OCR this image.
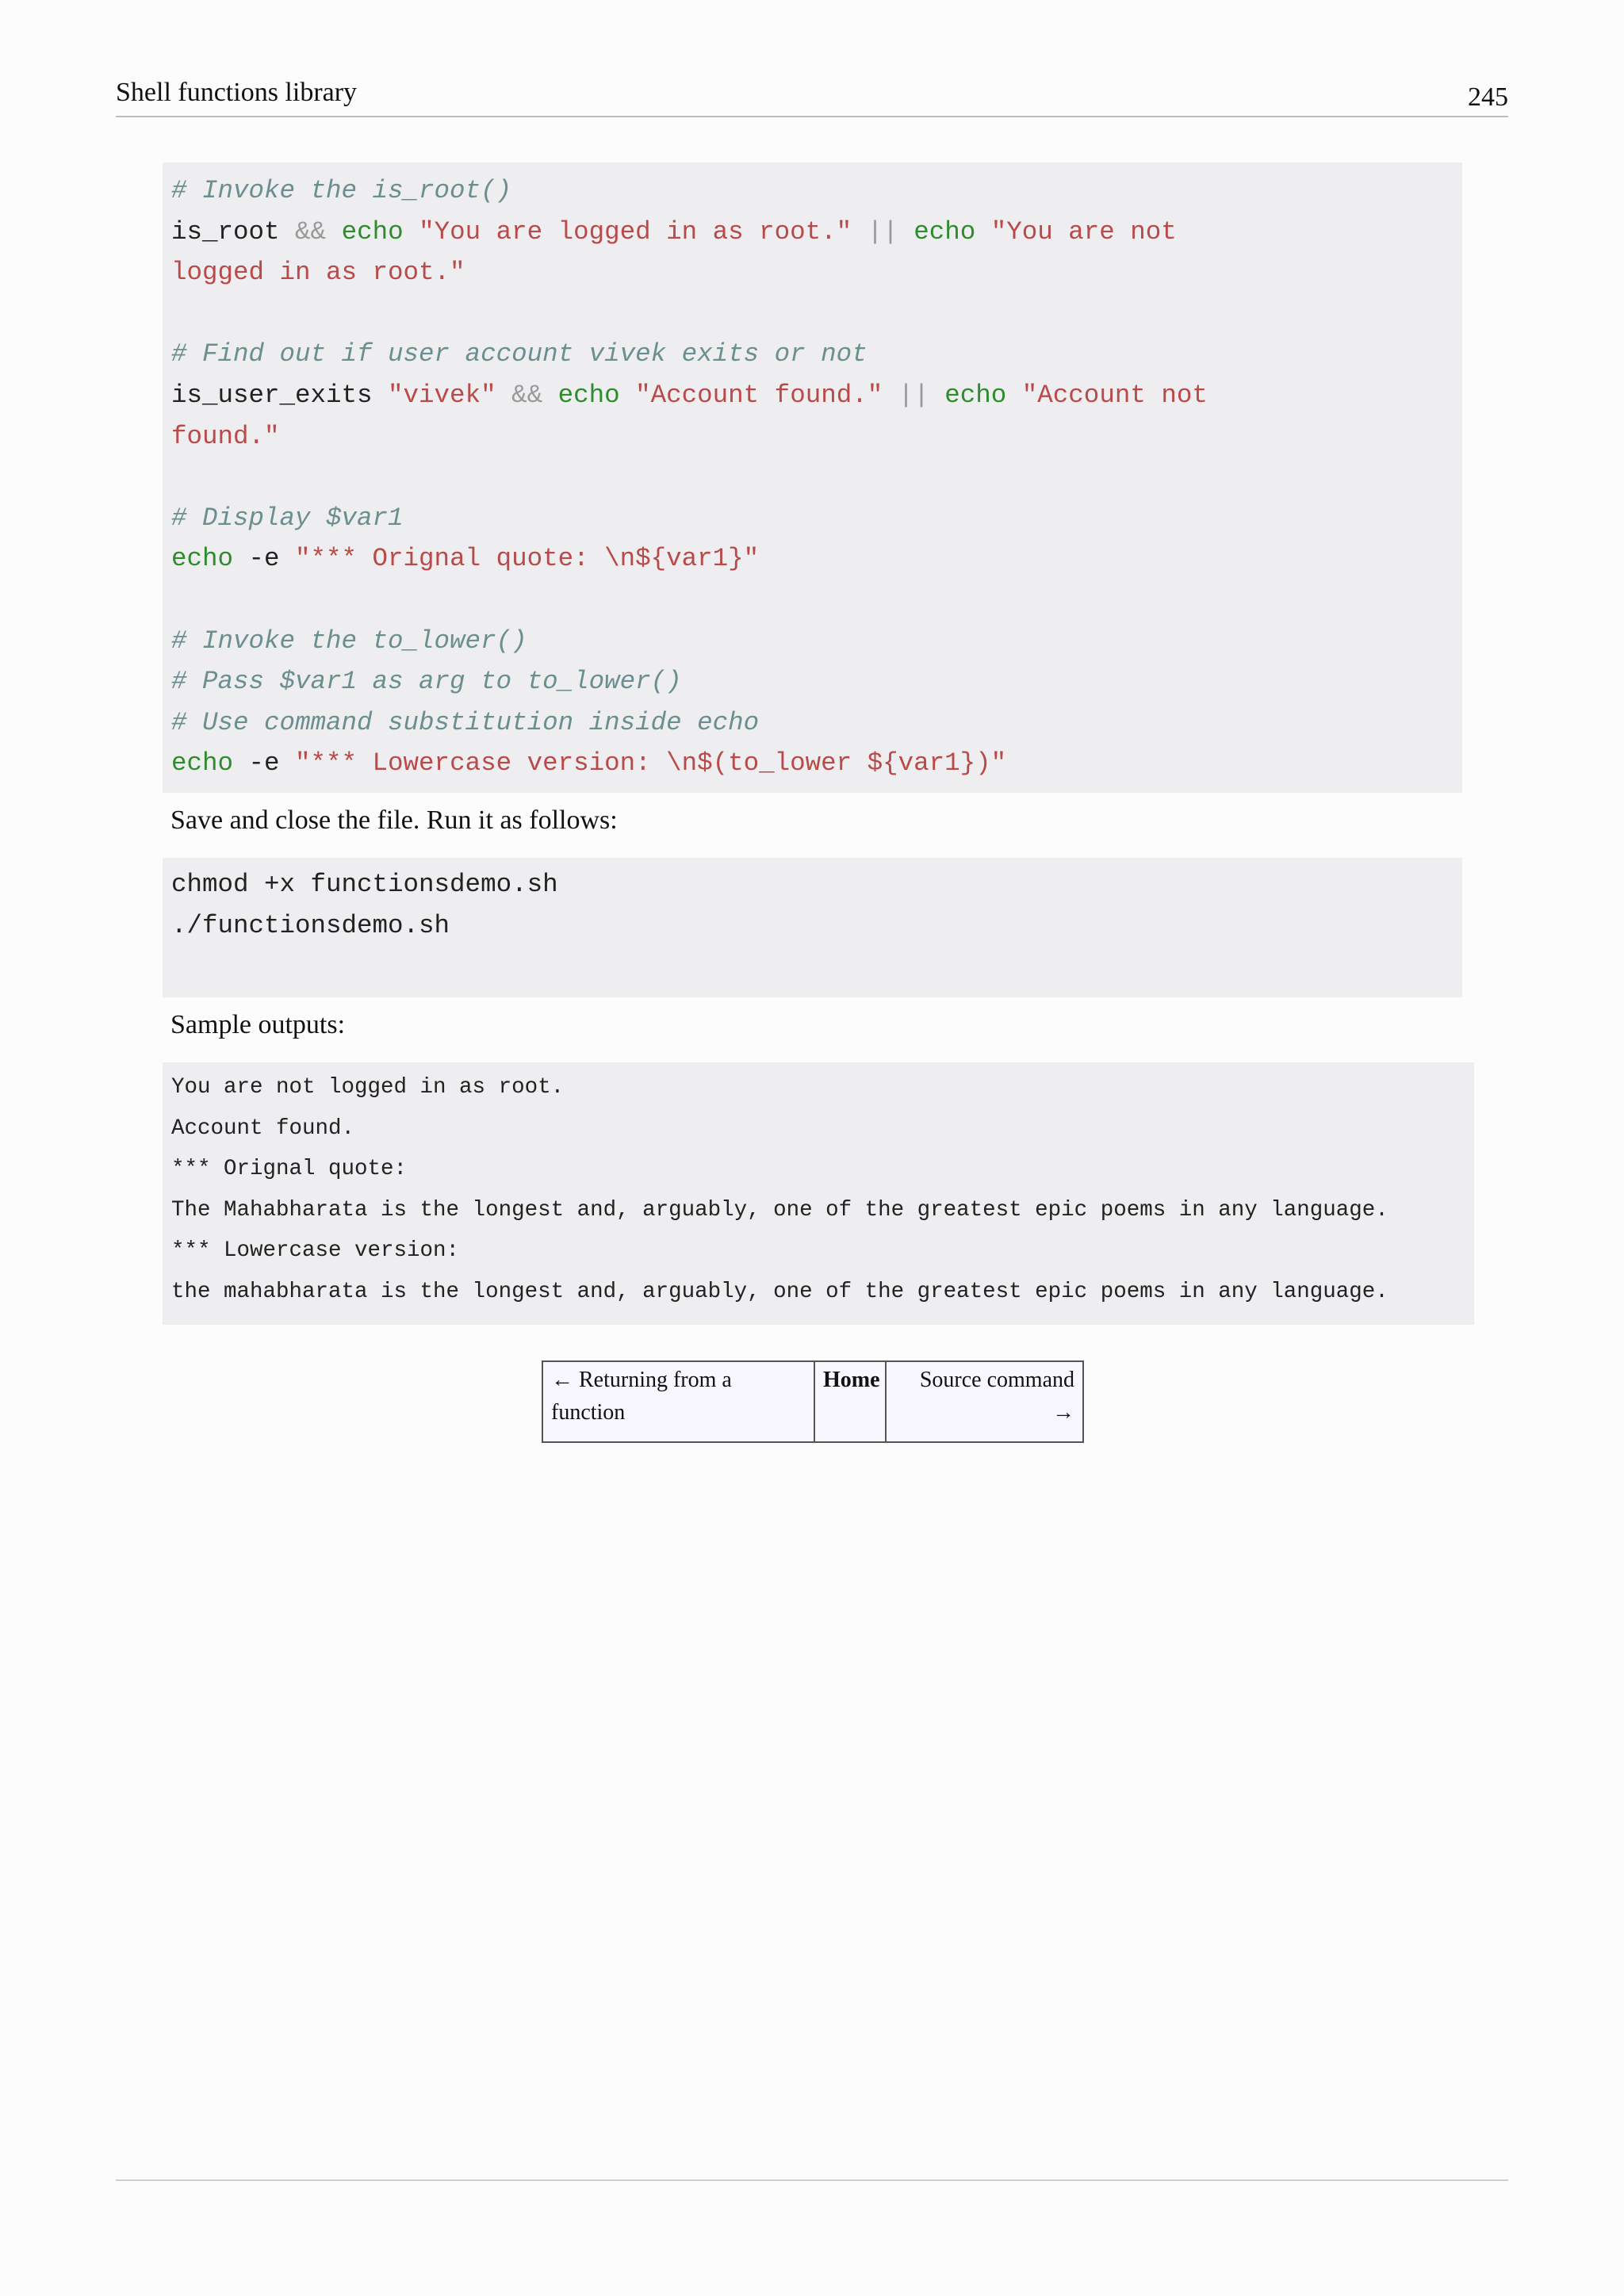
Shell functions library	245
# Invoke the is_root()
is_root && echo "You are logged in as root." || echo "You are not
logged in as root."
# Find out if user account vivek exits or not
is_user_exits "vivek" && echo "Account found." || echo "Account not
found."
# Display $var1
echo -e "*** Orignal quote: \n${var1}"
# Invoke the to_lower()
# Pass $var1 as arg to to_lower()
# Use command substitution inside echo
echo -e "*** Lowercase version: \n$(to_lower ${var1})"
Save and close the file. Run it as follows:
chmod +x functionsdemo.sh
./functionsdemo.sh
Sample outputs:
You are not logged in as root.
Account found.
*** Orignal quote:
The Mahabharata is the longest and, arguably, one of the greatest epic poems in any language.
*** Lowercase version:
the mahabharata is the longest and, arguably, one of the greatest epic poems in any language.
← Returning from a
function
Home	Source command
→
